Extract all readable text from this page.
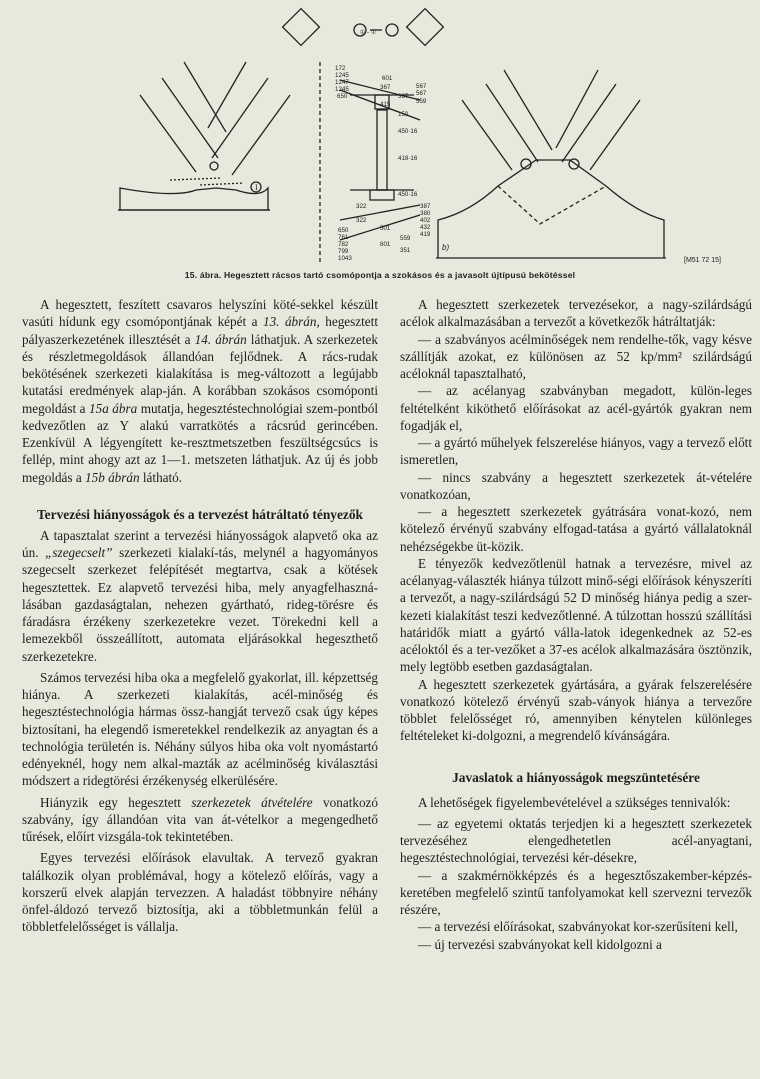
I
① - ①
172
1245
1247
1245
601
650
367
367
415
567
567
559
150
450·16
418·16
450·16
322	387
380
402
432
419
322
650
761
782
799
1043
801
501
559
351	b)
[M51 72 15]
15. ábra. Hegesztett rácsos tartó csomópontja a szokásos és a javasolt újtípusú bekötéssel

A hegesztett, feszített csavaros helyszíni köté-sekkel készült vasúti hídunk egy csomópontjának képét a 13. ábrán, hegesztett pályaszerkezetének illesztését a 14. ábrán láthatjuk. A szerkezetek és részletmegoldások állandóan fejlődnek. A rács-rudak bekötésének szerkezeti kialakítása is meg-változott a legújabb kutatási eredmények alap-ján. A korábban szokásos csomóponti megoldást a 15a ábra mutatja, hegesztéstechnológiai szem-pontból kedvezőtlen az Y alakú varratkötés a rácsrúd gerincében. Ezenkívül A légyengített ke-resztmetszetben feszültségcsúcs is fellép, mint ahogy azt az 1—1. metszeten láthatjuk. Az új és jobb megoldás a 15b ábrán látható.

Tervezési hiányosságok és a tervezést hátráltató tényezők

A tapasztalat szerint a tervezési hiányosságok alapvető oka az ún. „szegecselt” szerkezeti kialakí-tás, melynél a hagyományos szegecselt szerkezet felépítését megtartva, csak a kötések hegesztettek. Ez alapvető tervezési hiba, mely anyagfelhaszná-lásában gazdaságtalan, nehezen gyártható, rideg-törésre és fáradásra érzékeny szerkezetekre vezet. Törekedni kell a lemezekből összeállított, automata eljárásokkal hegeszthető szerkezetekre.

Számos tervezési hiba oka a megfelelő gyakorlat, ill. képzettség hiánya. A szerkezeti kialakítás, acél-minőség és hegesztéstechnológia hármas össz-hangját tervező csak úgy képes biztosítani, ha elegendő ismeretekkel rendelkezik az anyagtan és a technológia területén is. Néhány súlyos hiba oka volt nyomástartó edényeknél, hogy nem alkal-mazták az acélminőség kiválasztási módszert a ridegtörési érzékenység elkerülésére.

Hiányzik egy hegesztett szerkezetek átvételére vonatkozó szabvány, így állandóan vita van át-vételkor a megengedhető tűrések, előírt vizsgála-tok tekintetében.

Egyes tervezési előírások elavultak. A tervező gyakran találkozik olyan problémával, hogy a kötelező előírás, vagy a korszerű elvek alapján tervezzen. A haladást többnyire néhány önfel-áldozó tervező biztosítja, aki a többletmunkán felül a többletfelelősséget is vállalja.

A hegesztett szerkezetek tervezésekor, a nagy-szilárdságú acélok alkalmazásában a tervezőt a következők hátráltatják:

— a szabványos acélminőségek nem rendelhe-tők, vagy késve szállítják azokat, ez különösen az 52 kp/mm² szilárdságú acéloknál tapasztalható,

— az acélanyag szabványban megadott, külön-leges feltételként kiköthető előírásokat az acél-gyártók gyakran nem fogadják el,

— a gyártó műhelyek felszerelése hiányos, vagy a tervező előtt ismeretlen,

— nincs szabvány a hegesztett szerkezetek át-vételére vonatkozóan,

— a hegesztett szerkezetek gyátrására vonat-kozó, nem kötelező érvényű szabvány elfogad-tatása a gyártó vállalatoknál nehézségekbe üt-közik.

E tényezők kedvezőtlenül hatnak a tervezésre, mivel az acélanyag-választék hiánya túlzott minő-ségi előírások kényszeríti a tervezőt, a nagy-szilárdságú 52 D minőség hiánya pedig a szer-kezeti kialakítást teszi kedvezőtlenné. A túlzottan hosszú szállítási határidők miatt a gyártó válla-latok idegenkednek az 52-es acéloktól és a ter-vezőket a 37-es acélok alkalmazására ösztönzik, mely legtöbb esetben gazdaságtalan.

A hegesztett szerkezetek gyártására, a gyárak felszerelésére vonatkozó kötelező érvényű szab-ványok hiánya a tervezőre többlet felelősséget ró, amennyiben kénytelen különleges feltételeket ki-dolgozni, a megrendelő kívánságára.

Javaslatok a hiányosságok megszüntetésére

A lehetőségek figyelembevételével a szükséges tennivalók:

— az egyetemi oktatás terjedjen ki a hegesztett szerkezetek tervezéséhez elengedhetetlen acél-anyagtani, hegesztéstechnológiai, tervezési kér-désekre,

— a szakmérnökképzés és a hegesztőszakember-képzés-keretében megfelelő szintű tanfolyamokat kell szervezni tervezők részére,

— a tervezési előírásokat, szabványokat kor-szerűsíteni kell,

— új tervezési szabványokat kell kidolgozni a
